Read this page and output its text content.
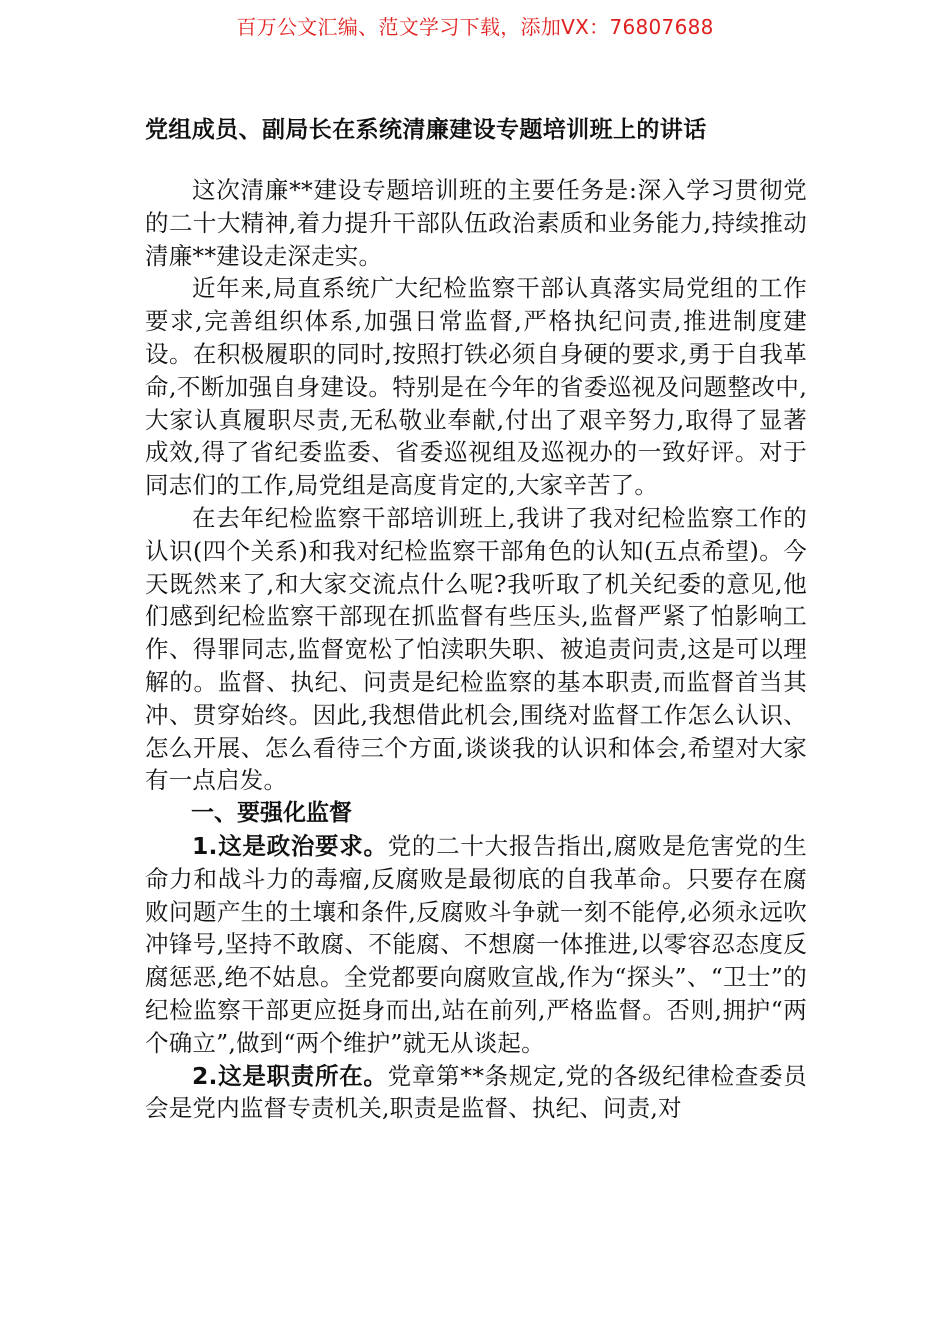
百万公文汇编、范文学习下载，添加VX：76807688
党组成员、副局长在系统清廉建设专题培训班上的讲话

这次清廉**建设专题培训班的主要任务是:深入学习贯彻党的二十大精神,着力提升干部队伍政治素质和业务能力,持续推动清廉**建设走深走实。

近年来,局直系统广大纪检监察干部认真落实局党组的工作要求,完善组织体系,加强日常监督,严格执纪问责,推进制度建设。在积极履职的同时,按照打铁必须自身硬的要求,勇于自我革命,不断加强自身建设。特别是在今年的省委巡视及问题整改中,大家认真履职尽责,无私敬业奉献,付出了艰辛努力,取得了显著成效,得了省纪委监委、省委巡视组及巡视办的一致好评。对于同志们的工作,局党组是高度肯定的,大家辛苦了。

在去年纪检监察干部培训班上,我讲了我对纪检监察工作的认识(四个关系)和我对纪检监察干部角色的认知(五点希望)。今天既然来了,和大家交流点什么呢?我听取了机关纪委的意见,他们感到纪检监察干部现在抓监督有些压头,监督严紧了怕影响工作、得罪同志,监督宽松了怕渎职失职、被追责问责,这是可以理解的。监督、执纪、问责是纪检监察的基本职责,而监督首当其冲、贯穿始终。因此,我想借此机会,围绕对监督工作怎么认识、怎么开展、怎么看待三个方面,谈谈我的认识和体会,希望对大家有一点启发。

一、要强化监督

1.这是政治要求。党的二十大报告指出,腐败是危害党的生命力和战斗力的毒瘤,反腐败是最彻底的自我革命。只要存在腐败问题产生的土壤和条件,反腐败斗争就一刻不能停,必须永远吹冲锋号,坚持不敢腐、不能腐、不想腐一体推进,以零容忍态度反腐惩恶,绝不姑息。全党都要向腐败宣战,作为“探头”、“卫士”的纪检监察干部更应挺身而出,站在前列,严格监督。否则,拥护“两个确立”,做到“两个维护”就无从谈起。

2.这是职责所在。党章第**条规定,党的各级纪律检查委员会是党内监督专责机关,职责是监督、执纪、问责,对
